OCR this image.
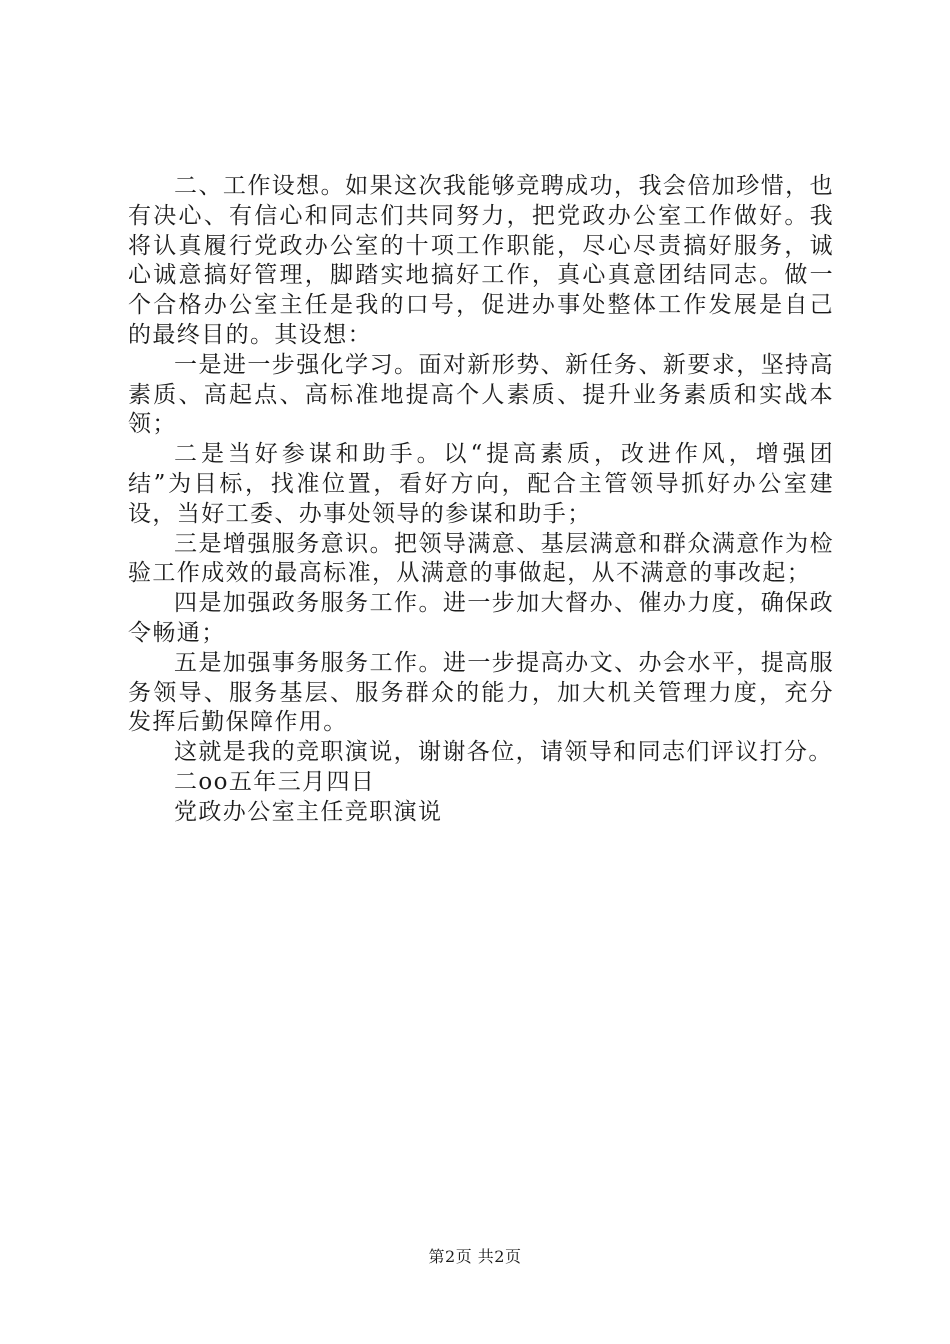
二、工作设想。如果这次我能够竞聘成功，我会倍加珍惜，也有决心、有信心和同志们共同努力，把党政办公室工作做好。我将认真履行党政办公室的十项工作职能，尽心尽责搞好服务，诚心诚意搞好管理，脚踏实地搞好工作，真心真意团结同志。做一个合格办公室主任是我的口号，促进办事处整体工作发展是自己的最终目的。其设想：

一是进一步强化学习。面对新形势、新任务、新要求，坚持高素质、高起点、高标准地提高个人素质、提升业务素质和实战本领；

二是当好参谋和助手。以“提高素质，改进作风，增强团结”为目标，找准位置，看好方向，配合主管领导抓好办公室建设，当好工委、办事处领导的参谋和助手；

三是增强服务意识。把领导满意、基层满意和群众满意作为检验工作成效的最高标准，从满意的事做起，从不满意的事改起；

四是加强政务服务工作。进一步加大督办、催办力度，确保政令畅通；

五是加强事务服务工作。进一步提高办文、办会水平，提高服务领导、服务基层、服务群众的能力，加大机关管理力度，充分发挥后勤保障作用。

这就是我的竞职演说，谢谢各位，请领导和同志们评议打分。

二oo五年三月四日

党政办公室主任竞职演说

第2页 共2页
